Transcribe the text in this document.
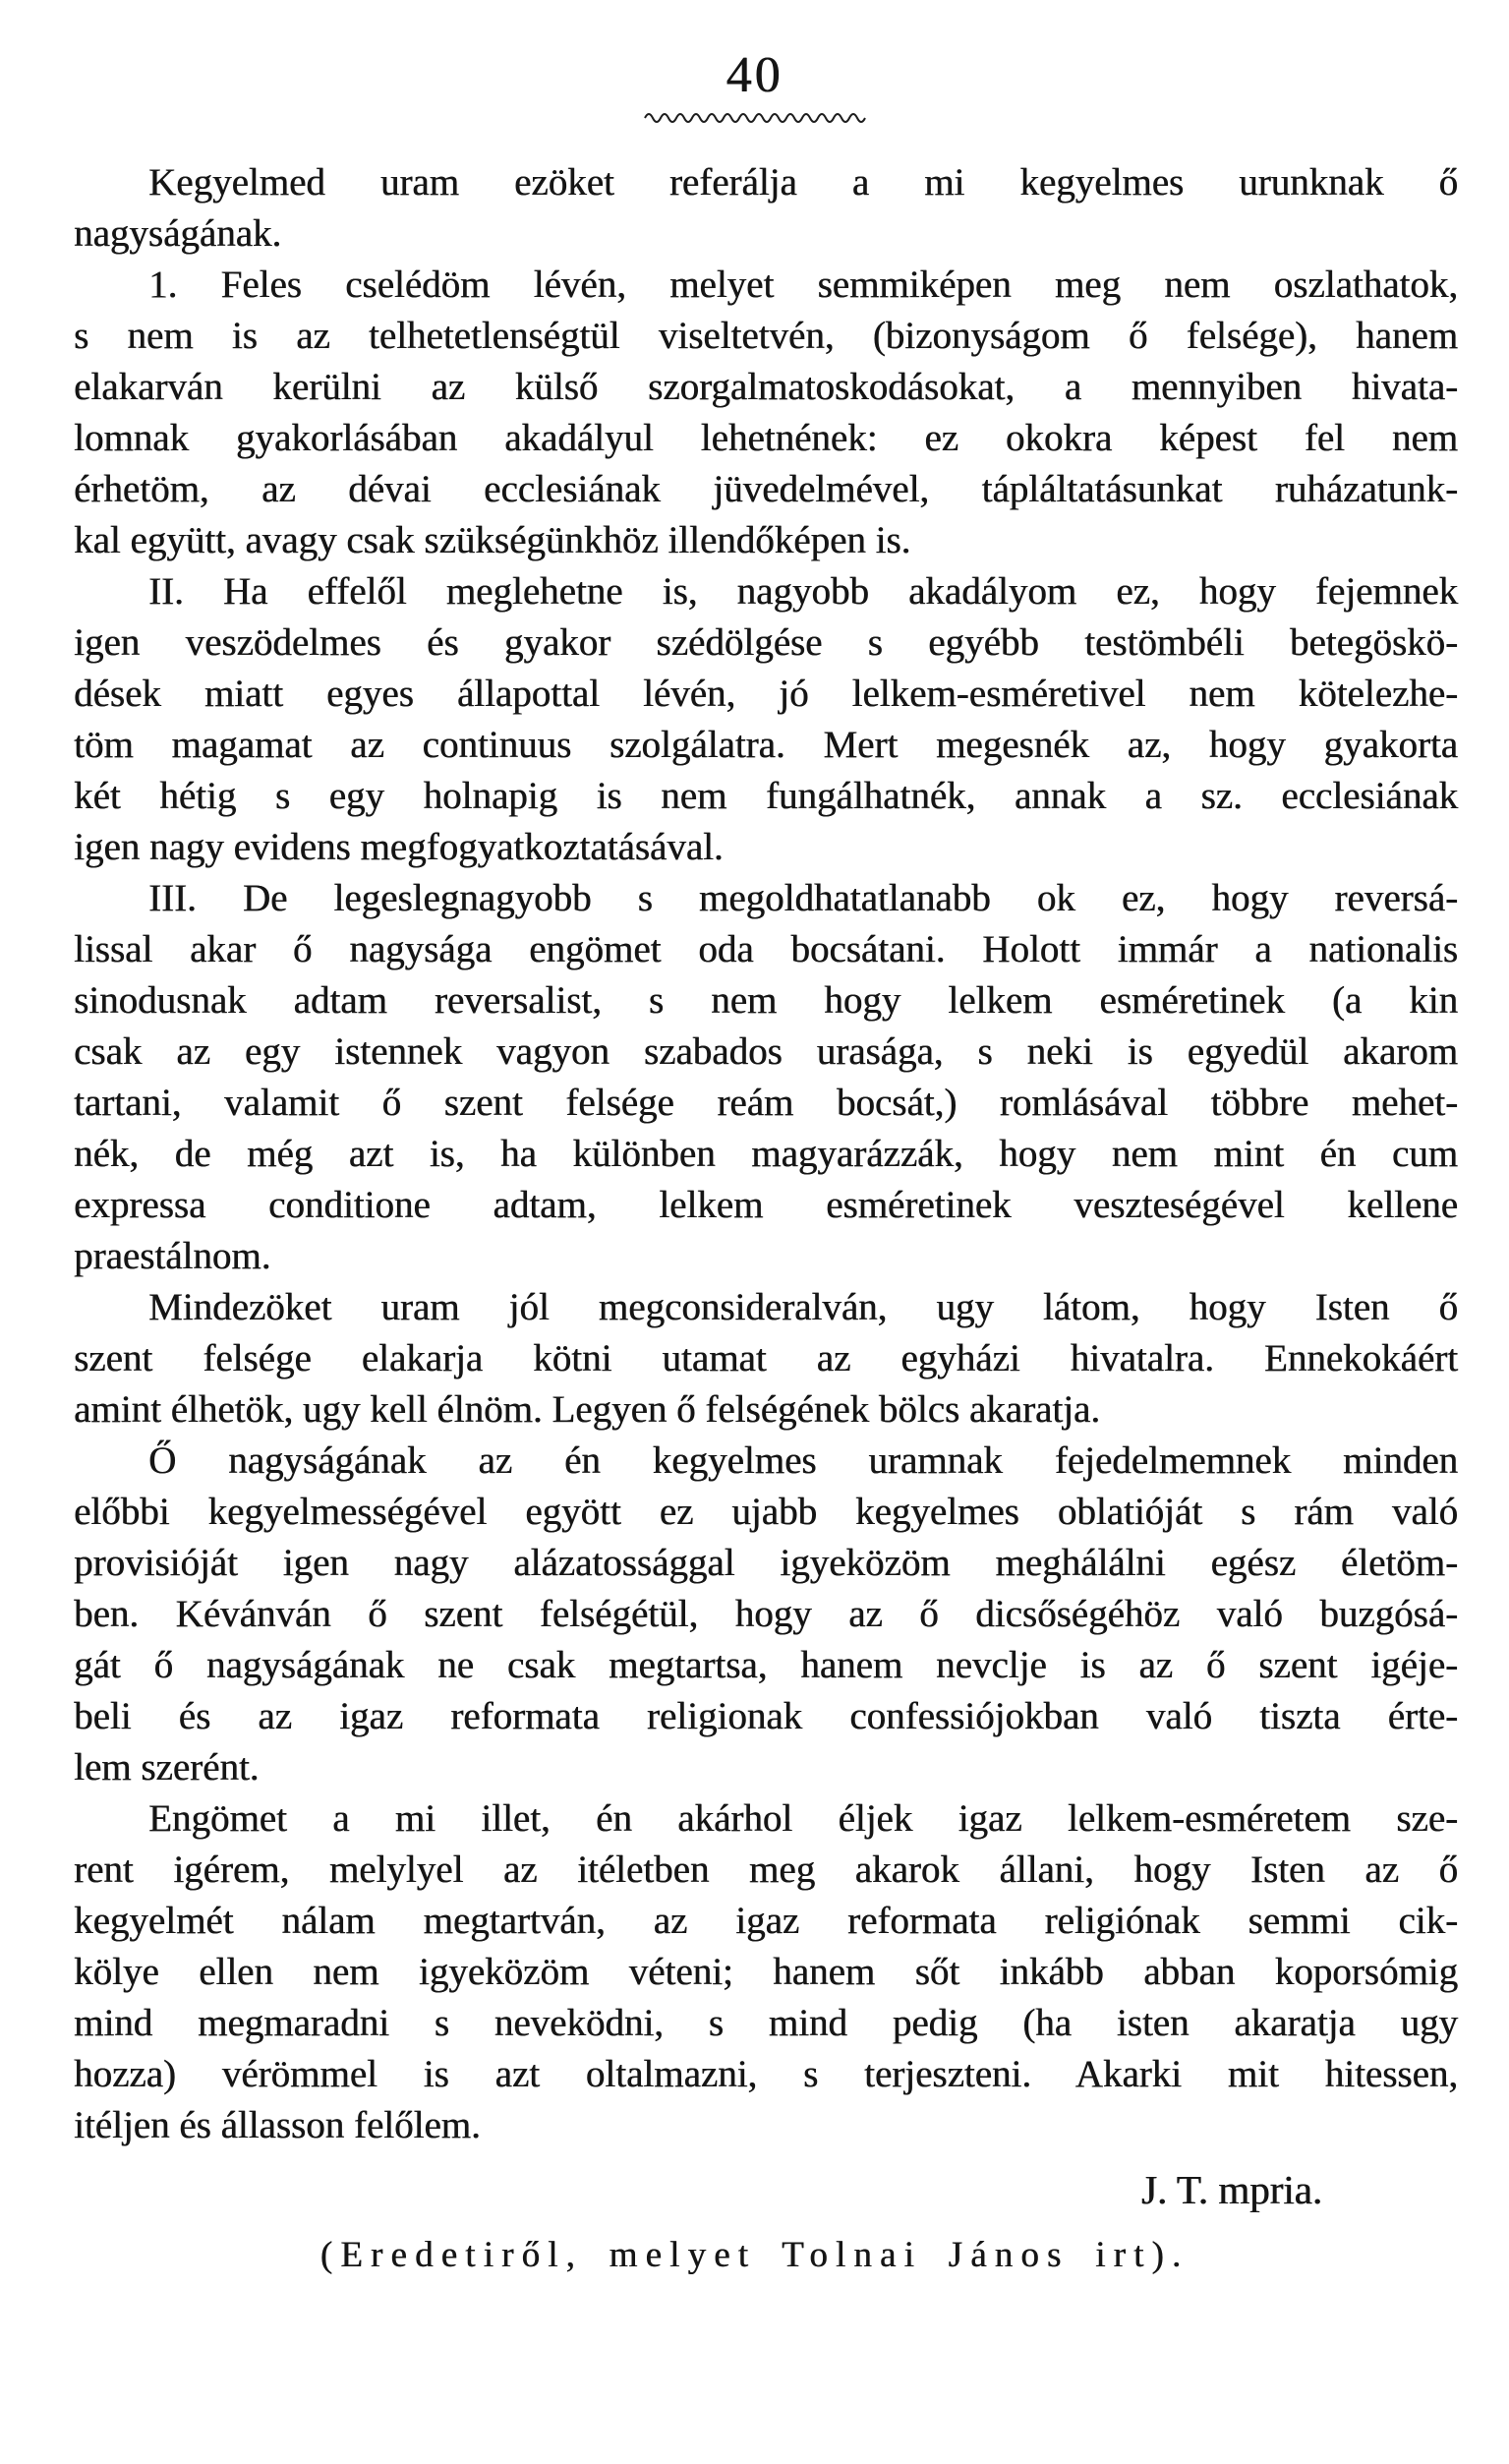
40
Kegyelmed uram ezöket referálja a mi kegyelmes urunknak ő
nagyságának.
1. Feles cselédöm lévén, melyet semmiképen meg nem oszlathatok,
s nem is az telhetetlenségtül viseltetvén, (bizonyságom ő felsége), hanem
elakarván kerülni az külső szorgalmatoskodásokat, a mennyiben hivata-
lomnak gyakorlásában akadályul lehetnének: ez okokra képest fel nem
érhetöm, az dévai ecclesiának jüvedelmével, tápláltatásunkat ruházatunk-
kal együtt, avagy csak szükségünkhöz illendőképen is.
II. Ha effelől meglehetne is, nagyobb akadályom ez, hogy fejemnek
igen veszödelmes és gyakor szédölgése s egyébb testömbéli betegöskö-
dések miatt egyes állapottal lévén, jó lelkem-esméretivel nem kötelezhe-
töm magamat az continuus szolgálatra. Mert megesnék az, hogy gyakorta
két hétig s egy holnapig is nem fungálhatnék, annak a sz. ecclesiának
igen nagy evidens megfogyatkoztatásával.
III. De legeslegnagyobb s megoldhatatlanabb ok ez, hogy reversá-
lissal akar ő nagysága engömet oda bocsátani. Holott immár a nationalis
sinodusnak adtam reversalist, s nem hogy lelkem esméretinek (a kin
csak az egy istennek vagyon szabados urasága, s neki is egyedül akarom
tartani, valamit ő szent felsége reám bocsát,) romlásával többre mehet-
nék, de még azt is, ha különben magyarázzák, hogy nem mint én cum
expressa conditione adtam, lelkem esméretinek veszteségével kellene
praestálnom.
Mindezöket uram jól megconsideralván, ugy látom, hogy Isten ő
szent felsége elakarja kötni utamat az egyházi hivatalra. Ennekokáért
amint élhetök, ugy kell élnöm. Legyen ő felségének bölcs akaratja.
Ő nagyságának az én kegyelmes uramnak fejedelmemnek minden
előbbi kegyelmességével egyött ez ujabb kegyelmes oblatióját s rám való
provisióját igen nagy alázatossággal igyeközöm meghálálni egész életöm-
ben. Kévánván ő szent felségétül, hogy az ő dicsőségéhöz való buzgósá-
gát ő nagyságának ne csak megtartsa, hanem nevclje is az ő szent igéje-
beli és az igaz reformata religionak confessiójokban való tiszta érte-
lem szerént.
Engömet a mi illet, én akárhol éljek igaz lelkem-esméretem sze-
rent igérem, melylyel az itéletben meg akarok állani, hogy Isten az ő
kegyelmét nálam megtartván, az igaz reformata religiónak semmi cik-
kölye ellen nem igyeközöm véteni; hanem sőt inkább abban koporsómig
mind megmaradni s neveködni, s mind pedig (ha isten akaratja ugy
hozza) vérömmel is azt oltalmazni, s terjeszteni. Akarki mit hitessen,
itéljen és állasson felőlem.
J. T. mpria.
(Eredetiről, melyet Tolnai János irt).
